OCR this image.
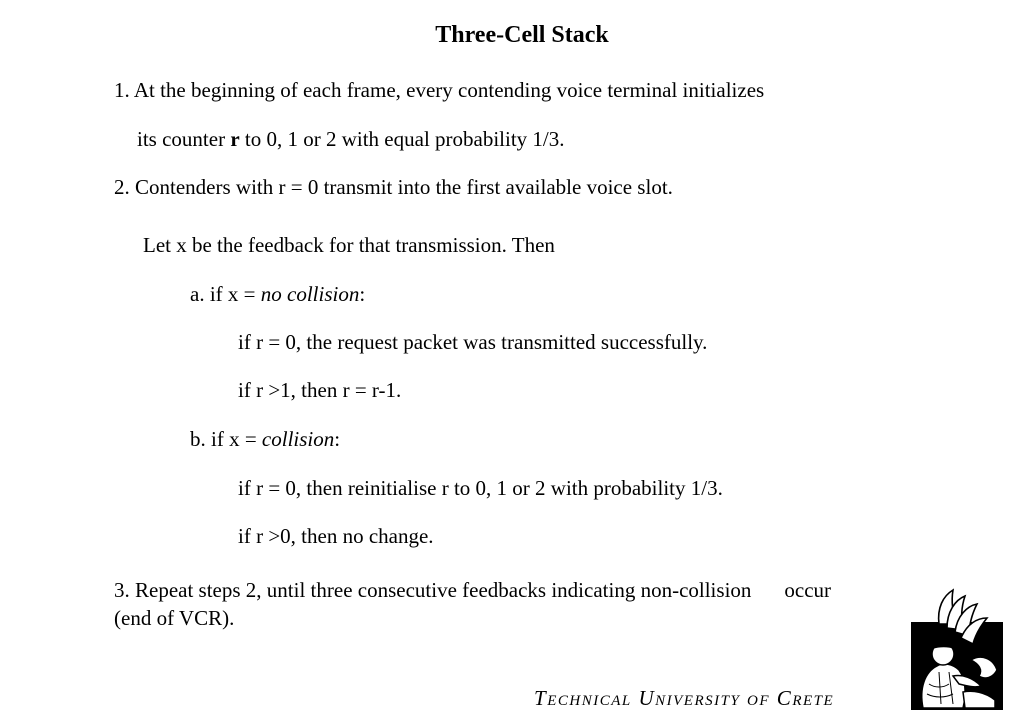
Three-Cell Stack
1. At the beginning of each frame, every contending voice terminal initializes
its counter r to 0, 1 or 2 with equal probability 1/3.
2. Contenders with r = 0 transmit into the first available voice slot.
Let x be the feedback for that transmission. Then
a. if x = no collision:
if r = 0, the request packet was transmitted successfully.
if r >1, then r = r-1.
b. if x = collision:
if r = 0, then reinitialise r to 0, 1 or 2 with probability 1/3.
if r >0, then no change.
3. Repeat steps 2, until three consecutive feedbacks indicating non-collision occur
(end of VCR).
TECHNICAL UNIVERSITY OF CRETE
